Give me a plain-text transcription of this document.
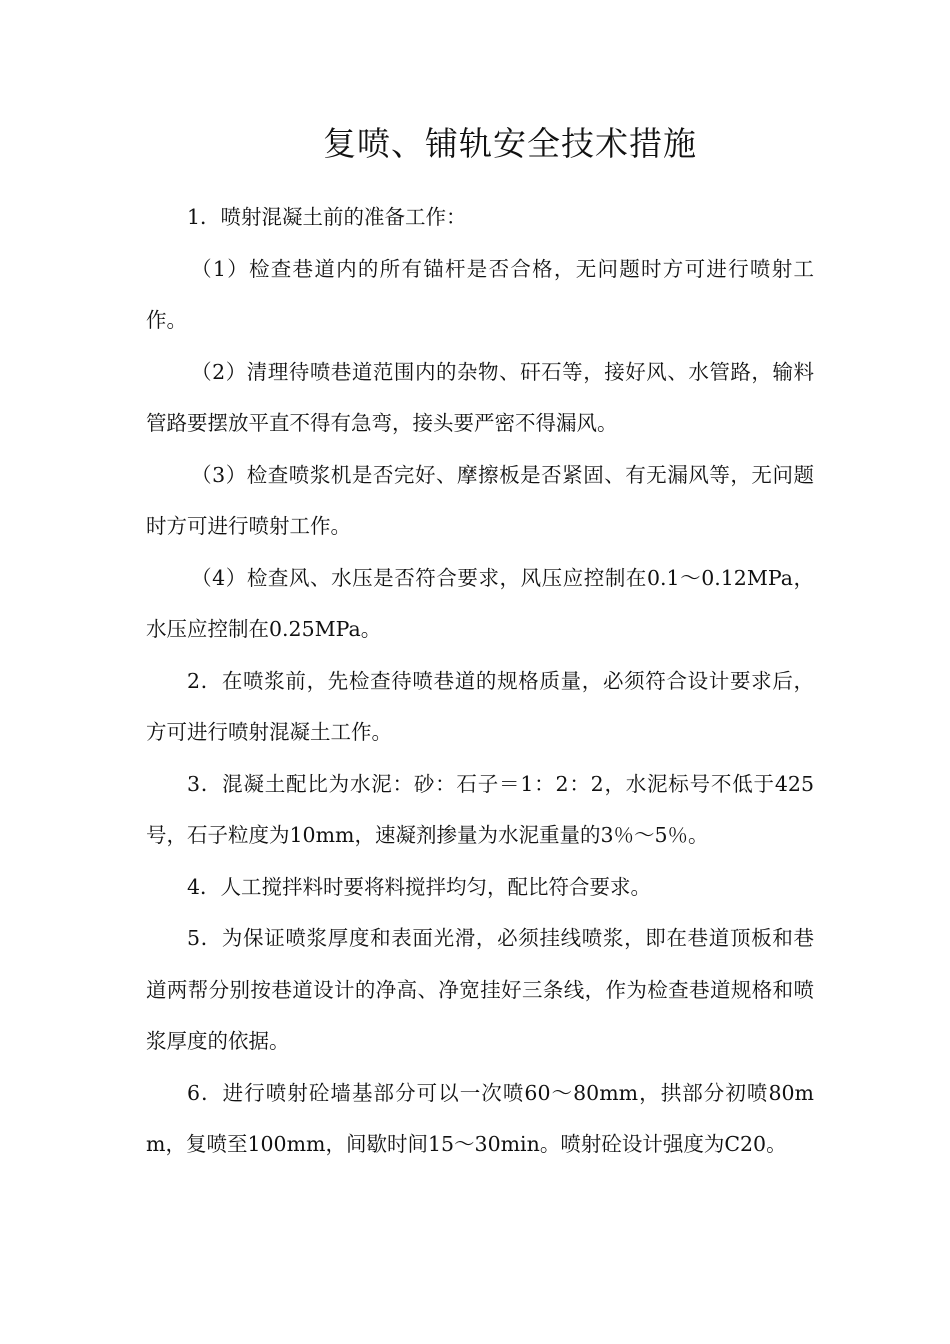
复喷、铺轨安全技术措施

1．喷射混凝土前的准备工作：

（1）检查巷道内的所有锚杆是否合格，无问题时方可进行喷射工作。

（2）清理待喷巷道范围内的杂物、矸石等，接好风、水管路，输料管路要摆放平直不得有急弯，接头要严密不得漏风。

（3）检查喷浆机是否完好、摩擦板是否紧固、有无漏风等，无问题时方可进行喷射工作。

（4）检查风、水压是否符合要求，风压应控制在0.1～0.12MPa，水压应控制在0.25MPa。

2．在喷浆前，先检查待喷巷道的规格质量，必须符合设计要求后，方可进行喷射混凝土工作。

3．混凝土配比为水泥：砂：石子＝1：2：2，水泥标号不低于425号，石子粒度为10mm，速凝剂掺量为水泥重量的3％～5％。

4．人工搅拌料时要将料搅拌均匀，配比符合要求。

5．为保证喷浆厚度和表面光滑，必须挂线喷浆，即在巷道顶板和巷道两帮分别按巷道设计的净高、净宽挂好三条线，作为检查巷道规格和喷浆厚度的依据。

6．进行喷射砼墙基部分可以一次喷60～80mm，拱部分初喷80mm，复喷至100mm，间歇时间15～30min。喷射砼设计强度为C20。
